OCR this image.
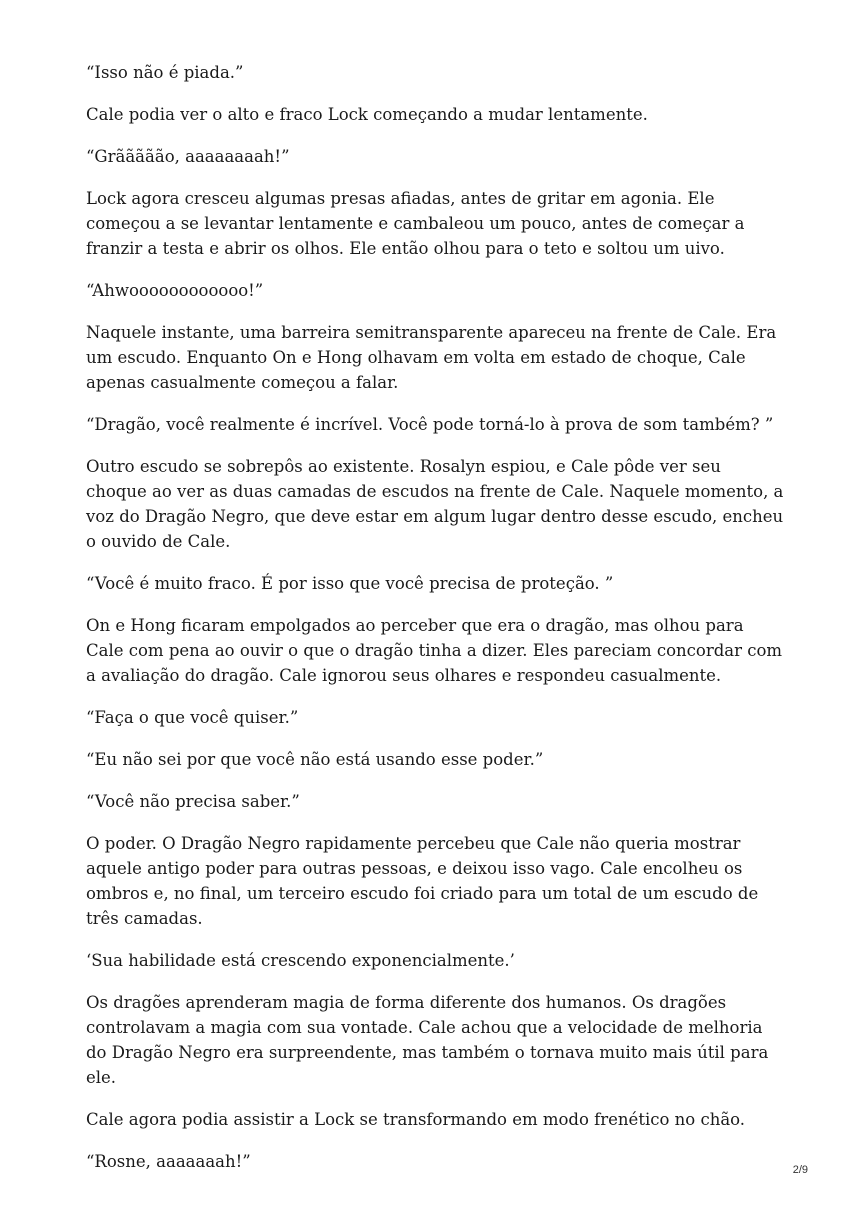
“Isso não é piada.”

Cale podia ver o alto e fraco Lock começando a mudar lentamente.

“Grããããão, aaaaaaaah!”

Lock agora cresceu algumas presas afiadas, antes de gritar em agonia. Ele começou a se levantar lentamente e cambaleou um pouco, antes de começar a franzir a testa e abrir os olhos. Ele então olhou para o teto e soltou um uivo.

“Ahwoooooooooooo!”

Naquele instante, uma barreira semitransparente apareceu na frente de Cale. Era um escudo. Enquanto On e Hong olhavam em volta em estado de choque, Cale apenas casualmente começou a falar.

“Dragão, você realmente é incrível. Você pode torná-lo à prova de som também? ”

Outro escudo se sobrepôs ao existente. Rosalyn espiou, e Cale pôde ver seu choque ao ver as duas camadas de escudos na frente de Cale. Naquele momento, a voz do Dragão Negro, que deve estar em algum lugar dentro desse escudo, encheu o ouvido de Cale.

“Você é muito fraco. É por isso que você precisa de proteção. ”

On e Hong ficaram empolgados ao perceber que era o dragão, mas olhou para Cale com pena ao ouvir o que o dragão tinha a dizer. Eles pareciam concordar com a avaliação do dragão. Cale ignorou seus olhares e respondeu casualmente.

“Faça o que você quiser.”

“Eu não sei por que você não está usando esse poder.”

“Você não precisa saber.”

O poder. O Dragão Negro rapidamente percebeu que Cale não queria mostrar aquele antigo poder para outras pessoas, e deixou isso vago. Cale encolheu os ombros e, no final, um terceiro escudo foi criado para um total de um escudo de três camadas.

‘Sua habilidade está crescendo exponencialmente.’

Os dragões aprenderam magia de forma diferente dos humanos. Os dragões controlavam a magia com sua vontade. Cale achou que a velocidade de melhoria do Dragão Negro era surpreendente, mas também o tornava muito mais útil para ele.

Cale agora podia assistir a Lock se transformando em modo frenético no chão.

“Rosne, aaaaaaah!”	2/9
